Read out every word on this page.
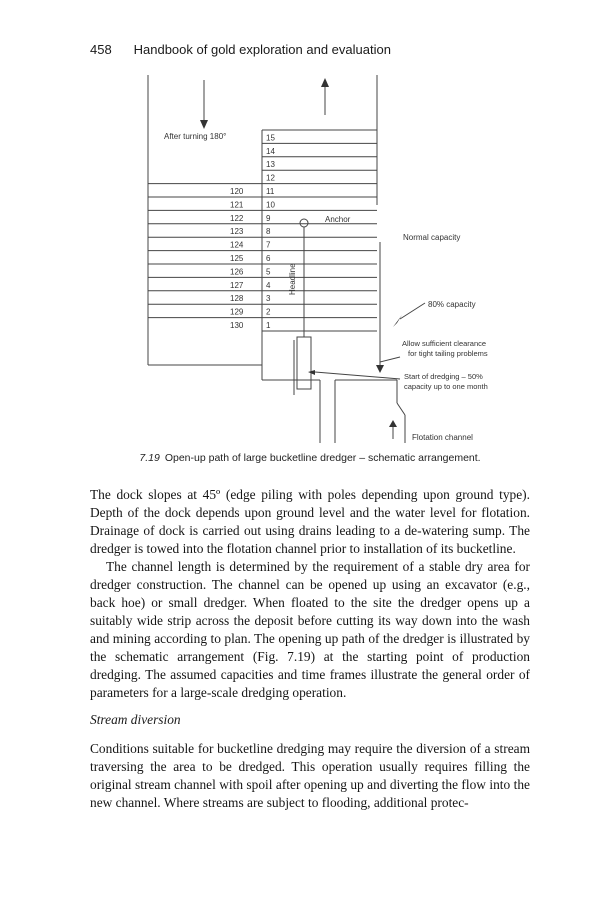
458 Handbook of gold exploration and evaluation
15
14
13
12
11
10
9
8
7
6
5
4
3
2
1
120
121
122
123
124
125
126
127
128
129
130
After turning 180°
Anchor
Headline
Normal capacity
80% capacity
Allow sufficient clearance
for tight tailing problems
Start of dredging – 50%
capacity up to one month
Flotation channel
7.19 Open-up path of large bucketline dredger – schematic arrangement.

The dock slopes at 45º (edge piling with poles depending upon ground type). Depth of the dock depends upon ground level and the water level for flotation. Drainage of dock is carried out using drains leading to a de-watering sump. The dredger is towed into the flotation channel prior to installation of its bucketline.

The channel length is determined by the requirement of a stable dry area for dredger construction. The channel can be opened up using an excavator (e.g., back hoe) or small dredger. When floated to the site the dredger opens up a suitably wide strip across the deposit before cutting its way down into the wash and mining according to plan. The opening up path of the dredger is illustrated by the schematic arrangement (Fig. 7.19) at the starting point of production dredging. The assumed capacities and time frames illustrate the general order of parameters for a large-scale dredging operation.

Stream diversion

Conditions suitable for bucketline dredging may require the diversion of a stream traversing the area to be dredged. This operation usually requires filling the original stream channel with spoil after opening up and diverting the flow into the new channel. Where streams are subject to flooding, additional protec-
